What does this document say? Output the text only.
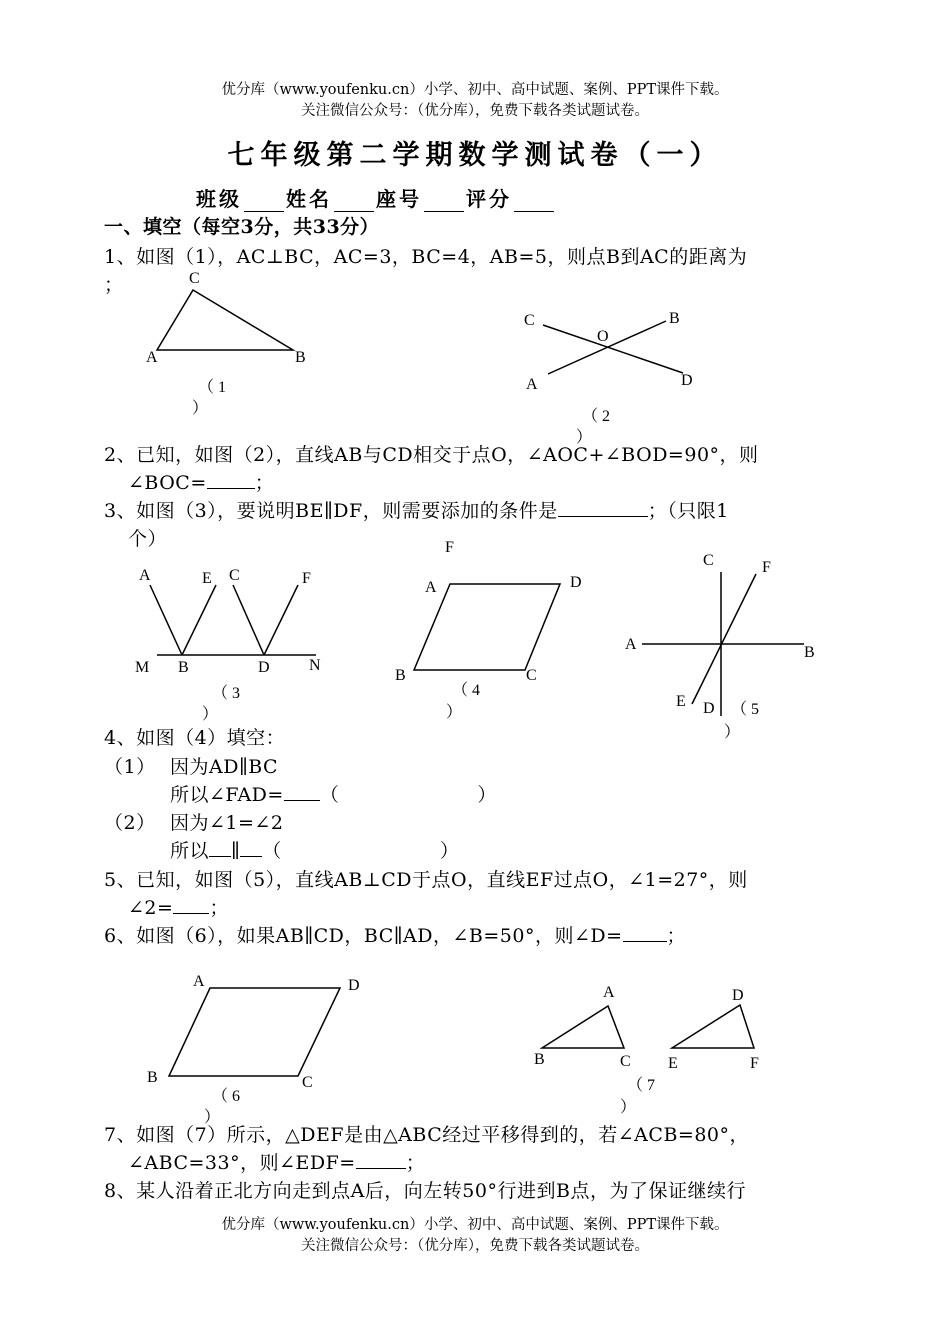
优分库（www.youfenku.cn）小学、初中、高中试题、案例、PPT课件下载。
关注微信公众号：（优分库），免费下载各类试题试卷。
七年级第二学期数学测试卷（一）
班级 姓名 座号 评分
一、填空（每空3分，共33分）
1、如图（1），AC⊥BC，AC=3，BC=4，AB=5，则点B到AC的距离为
；
2、已知，如图（2），直线AB与CD相交于点O，∠AOC+∠BOD=90°，则
∠BOC=	；
3、如图（3），要说明BE∥DF，则需要添加的条件是	；（只限1
个）
4、如图（4）填空：
（1） 因为AD∥BC
所以∠FAD= （	）
（2） 因为∠1=∠2
所以 ∥ （	）
5、已知，如图（5），直线AB⊥CD于点O，直线EF过点O，∠1=27°，则
∠2= ；
6、如图（6），如果AB∥CD，BC∥AD，∠B=50°，则∠D= ；
7、如图（7）所示，△DEF是由△ABC经过平移得到的，若∠ACB=80°，
∠ABC=33°，则∠EDF=	；
8、某人沿着正北方向走到点A后，向左转50°行进到B点，为了保证继续行
优分库（www.youfenku.cn）小学、初中、高中试题、案例、PPT课件下载。
关注微信公众号：（优分库），免费下载各类试题试卷。
C
A	B
（ 1
）
C
O
B
A	D
（ 2
）
A	E C	F
M B	D N
（ 3
）
F
A	D
B	C
（ 4
）
C	F
A	B
E D （ 5
）
A	D
B	C
（ 6
）
A
B	C
D
E	F
（ 7
）
